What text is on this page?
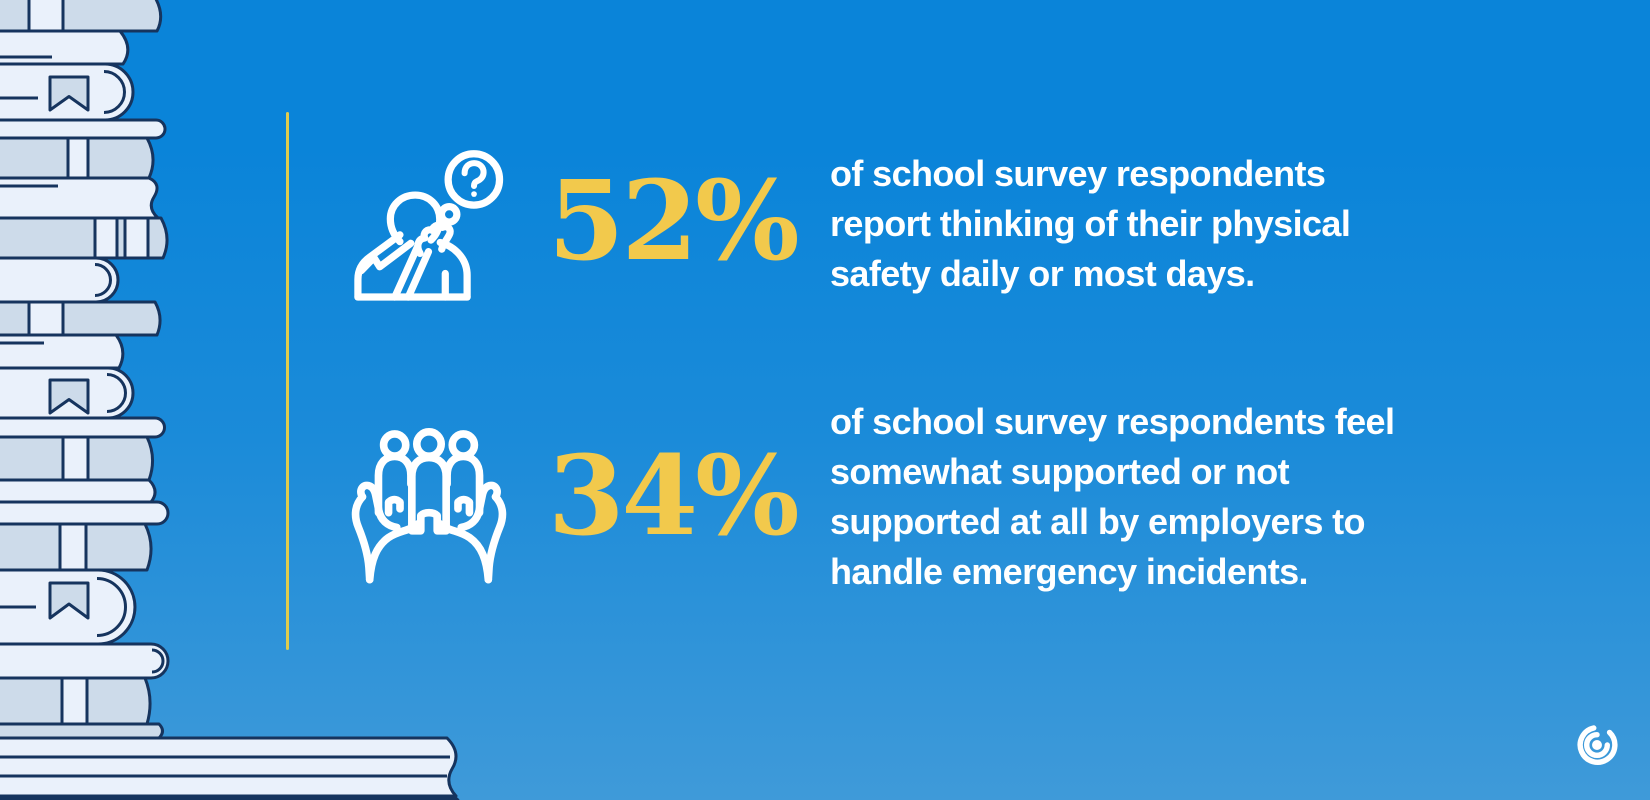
52% of school survey respondents
report thinking of their physical
safety daily or most days.
34%
of school survey respondents feel
somewhat supported or not
supported at all by employers to
handle emergency incidents.
